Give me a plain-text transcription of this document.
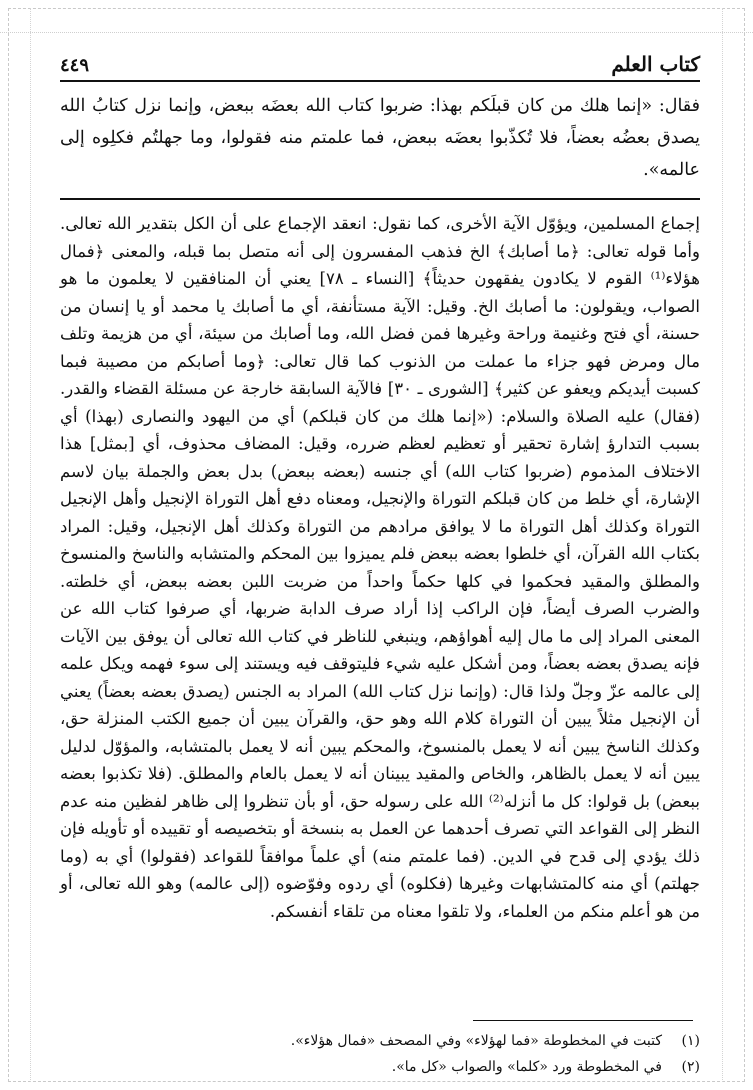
كتاب العلم
٤٤٩
فقال: «إنما هلك من كان قبلَكم بهذا: ضربوا كتاب الله بعضَه ببعض، وإنما نزل كتابُ الله يصدق بعضُه بعضاً، فلا تُكذّبوا بعضَه ببعض، فما علمتم منه فقولوا، وما جهلتُم فكلِوه إلى عالمه».
إجماع المسلمين، ويؤوّل الآية الأخرى، كما نقول: انعقد الإجماع على أن الكل بتقدير الله تعالى. وأما قوله تعالى: ﴿ما أصابك﴾ الخ فذهب المفسرون إلى أنه متصل بما قبله، والمعنى ﴿فمال هؤلاء⁽¹⁾ القوم لا يكادون يفقهون حديثاً﴾ [النساء ـ ٧٨] يعني أن المنافقين لا يعلمون ما هو الصواب، ويقولون: ما أصابك الخ. وقيل: الآية مستأنفة، أي ما أصابك يا محمد أو يا إنسان من حسنة، أي فتح وغنيمة وراحة وغيرها فمن فضل الله، وما أصابك من سيئة، أي من هزيمة وتلف مال ومرض فهو جزاء ما عملت من الذنوب كما قال تعالى: ﴿وما أصابكم من مصيبة فبما كسبت أيديكم ويعفو عن كثير﴾ [الشورى ـ ٣٠] فالآية السابقة خارجة عن مسئلة القضاء والقدر. (فقال) عليه الصلاة والسلام: («إنما هلك من كان قبلكم) أي من اليهود والنصارى (بهذا) أي بسبب التدارؤ إشارة تحقير أو تعظيم لعظم ضرره، وقيل: المضاف محذوف، أي [بمثل] هذا الاختلاف المذموم (ضربوا كتاب الله) أي جنسه (بعضه ببعض) بدل بعض والجملة بيان لاسم الإشارة، أي خلط من كان قبلكم التوراة والإنجيل، ومعناه دفع أهل التوراة الإنجيل وأهل الإنجيل التوراة وكذلك أهل التوراة ما لا يوافق مرادهم من التوراة وكذلك أهل الإنجيل، وقيل: المراد بكتاب الله القرآن، أي خلطوا بعضه ببعض فلم يميزوا بين المحكم والمتشابه والناسخ والمنسوخ والمطلق والمقيد فحكموا في كلها حكماً واحداً من ضربت اللبن بعضه ببعض، أي خلطته. والضرب الصرف أيضاً، فإن الراكب إذا أراد صرف الدابة ضربها، أي صرفوا كتاب الله عن المعنى المراد إلى ما مال إليه أهواؤهم، وينبغي للناظر في كتاب الله تعالى أن يوفق بين الآيات فإنه يصدق بعضه بعضاً، ومن أشكل عليه شيء فليتوقف فيه ويستند إلى سوء فهمه ويكل علمه إلى عالمه عزّ وجلّ ولذا قال: (وإنما نزل كتاب الله) المراد به الجنس (يصدق بعضه بعضاً) يعني أن الإنجيل مثلاً يبين أن التوراة كلام الله وهو حق، والقرآن يبين أن جميع الكتب المنزلة حق، وكذلك الناسخ يبين أنه لا يعمل بالمنسوخ، والمحكم يبين أنه لا يعمل بالمتشابه، والمؤوّل لدليل يبين أنه لا يعمل بالظاهر، والخاص والمقيد يبينان أنه لا يعمل بالعام والمطلق. (فلا تكذبوا بعضه ببعض) بل قولوا: كل ما أنزله⁽²⁾ الله على رسوله حق، أو بأن تنظروا إلى ظاهر لفظين منه عدم النظر إلى القواعد التي تصرف أحدهما عن العمل به بنسخة أو بتخصيصه أو تقييده أو تأويله فإن ذلك يؤدي إلى قدح في الدين. (فما علمتم منه) أي علماً موافقاً للقواعد (فقولوا) أي به (وما جهلتم) أي منه كالمتشابهات وغيرها (فكلوه) أي ردوه وفوّضوه (إلى عالمه) وهو الله تعالى، أو من هو أعلم منكم من العلماء، ولا تلقوا معناه من تلقاء أنفسكم.
(١)
كتبت في المخطوطة «فما لهؤلاء» وفي المصحف «فمال هؤلاء».
(٢)
في المخطوطة ورد «كلما» والصواب «كل ما».
